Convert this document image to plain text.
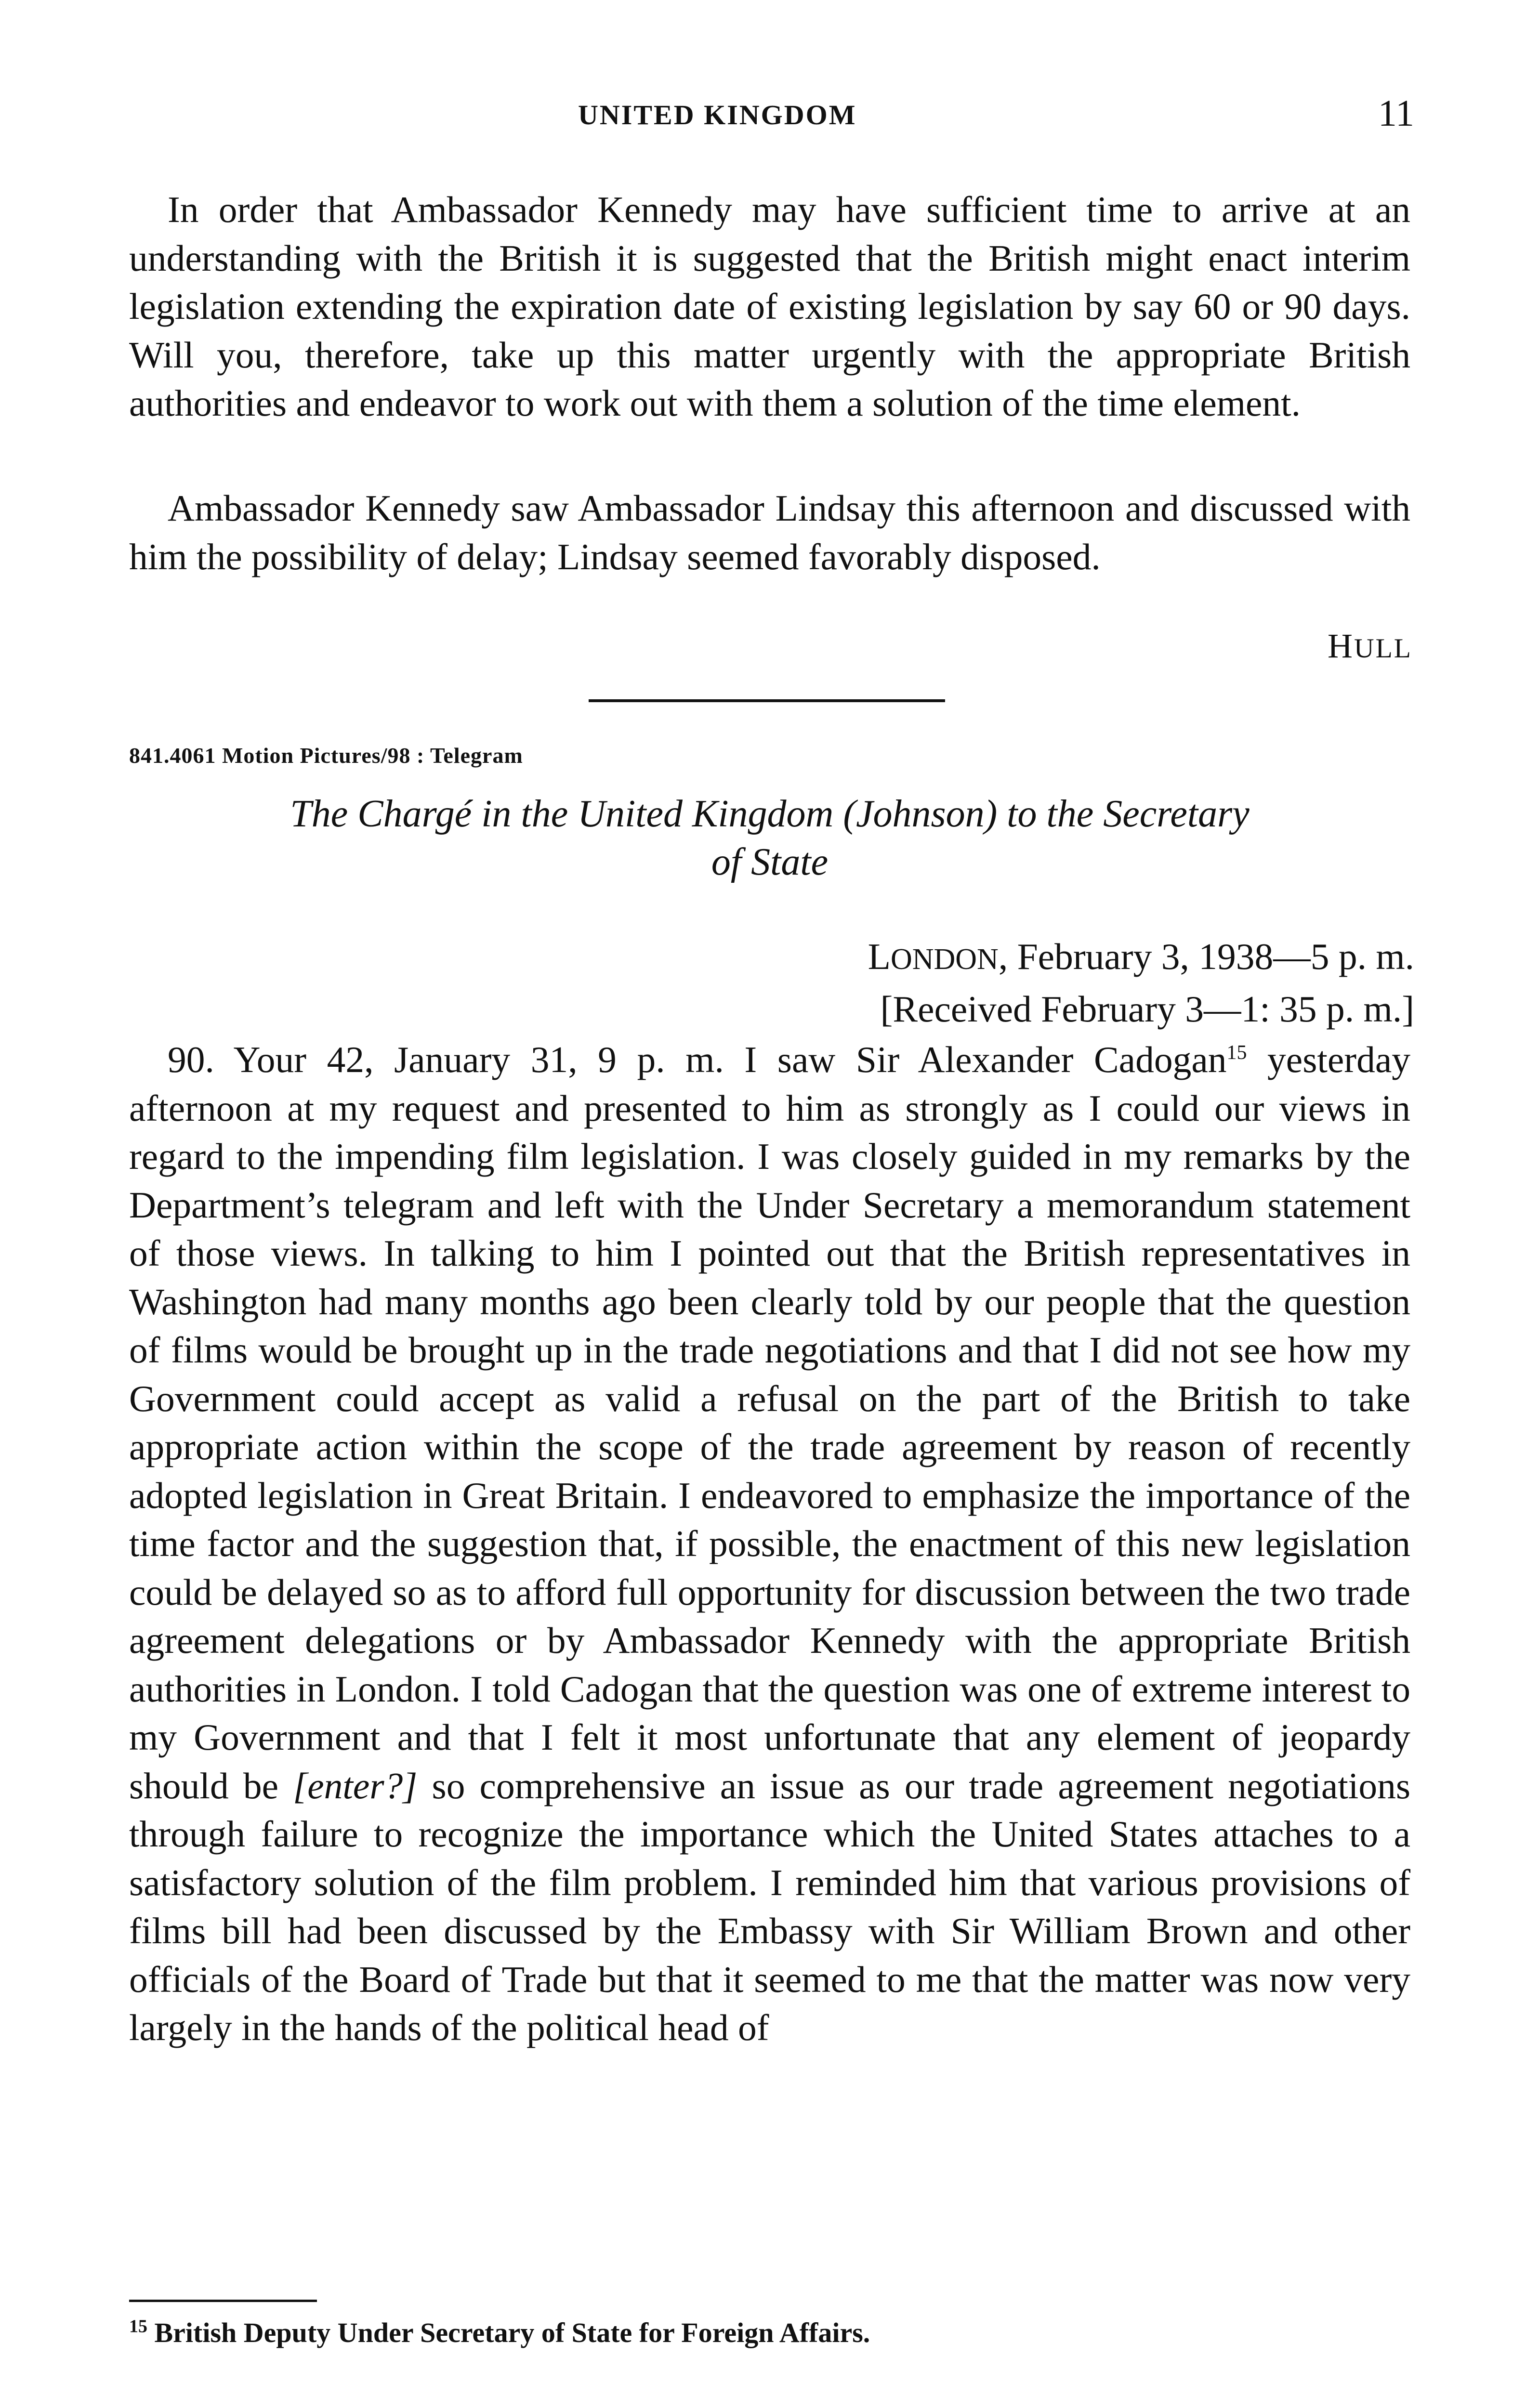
UNITED KINGDOM	11

In order that Ambassador Kennedy may have sufficient time to arrive at an understanding with the British it is suggested that the British might enact interim legislation extending the expiration date of existing legislation by say 60 or 90 days. Will you, therefore, take up this matter urgently with the appropriate British authorities and endeavor to work out with them a solution of the time element.

Ambassador Kennedy saw Ambassador Lindsay this afternoon and discussed with him the possibility of delay; Lindsay seemed favorably disposed.

HULL
841.4061 Motion Pictures/98 : Telegram

The Chargé in the United Kingdom (Johnson) to the Secretary
of State

LONDON, February 3, 1938—5 p. m.
[Received February 3—1: 35 p. m.]

90. Your 42, January 31, 9 p. m. I saw Sir Alexander Cadogan$^{15}$ yesterday afternoon at my request and presented to him as strongly as I could our views in regard to the impending film legislation. I was closely guided in my remarks by the Department’s telegram and left with the Under Secretary a memorandum statement of those views. In talking to him I pointed out that the British representatives in Washington had many months ago been clearly told by our people that the question of films would be brought up in the trade negotiations and that I did not see how my Government could accept as valid a refusal on the part of the British to take appropriate action within the scope of the trade agreement by reason of recently adopted legislation in Great Britain. I endeavored to emphasize the importance of the time factor and the suggestion that, if possible, the enactment of this new legislation could be delayed so as to afford full opportunity for discussion between the two trade agreement delegations or by Ambassador Kennedy with the appropriate British authorities in London. I told Cadogan that the question was one of extreme interest to my Government and that I felt it most unfortunate that any element of jeopardy should be [enter?] so comprehensive an issue as our trade agreement negotiations through failure to recognize the importance which the United States attaches to a satisfactory solution of the film problem. I reminded him that various provisions of films bill had been discussed by the Embassy with Sir William Brown and other officials of the Board of Trade but that it seemed to me that the matter was now very largely in the hands of the political head of

$^{15}$ British Deputy Under Secretary of State for Foreign Affairs.
